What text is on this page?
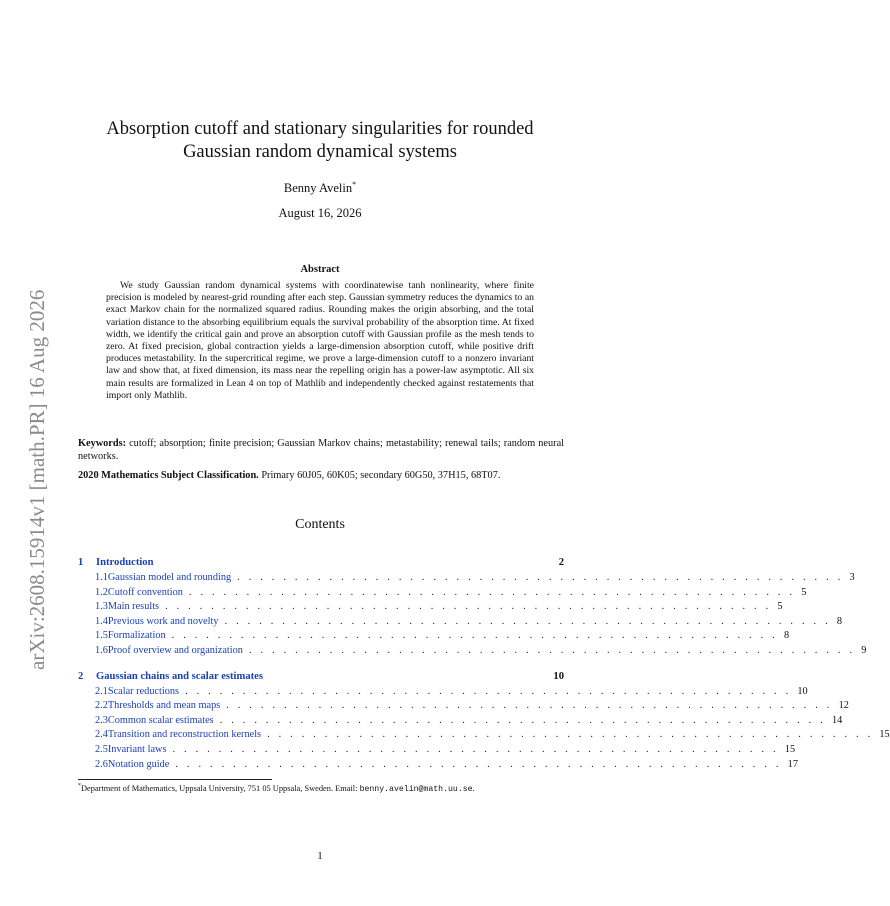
arXiv:2608.15914v1 [math.PR] 16 Aug 2026
Absorption cutoff and stationary singularities for rounded
Gaussian random dynamical systems
Benny Avelin*
August 16, 2026
Abstract

We study Gaussian random dynamical systems with coordinatewise tanh nonlinearity, where finite precision is modeled by nearest-grid rounding after each step. Gaussian symmetry reduces the dynamics to an exact Markov chain for the normalized squared radius. Rounding makes the origin absorbing, and the total variation distance to the absorbing equilibrium equals the survival probability of the absorption time. At fixed width, we identify the critical gain and prove an absorption cutoff with Gaussian profile as the mesh tends to zero. At fixed precision, global contraction yields a large-dimension absorption cutoff, while positive drift produces metastability. In the supercritical regime, we prove a large-dimension cutoff to a nonzero invariant law and show that, at fixed dimension, its mass near the repelling origin has a power-law asymptotic. All six main results are formalized in Lean 4 on top of Mathlib and independently checked against restatements that import only Mathlib.

Keywords: cutoff; absorption; finite precision; Gaussian Markov chains; metastability; renewal tails; random neural networks.

2020 Mathematics Subject Classification. Primary 60J05, 60K05; secondary 60G50, 37H15, 68T07.

Contents
1	Introduction	2
1.1 Gaussian model and rounding . . . . . . . . . . . . . . . . . . . . . . . . . . . . . . . . . . . . . . . . . . . . . . . . . . . . . 3
1.2 Cutoff convention . . . . . . . . . . . . . . . . . . . . . . . . . . . . . . . . . . . . . . . . . . . . . . . . . . . . . 5
1.3 Main results . . . . . . . . . . . . . . . . . . . . . . . . . . . . . . . . . . . . . . . . . . . . . . . . . . . . . 5
1.4 Previous work and novelty . . . . . . . . . . . . . . . . . . . . . . . . . . . . . . . . . . . . . . . . . . . . . . . . . . . . . 8
1.5 Formalization . . . . . . . . . . . . . . . . . . . . . . . . . . . . . . . . . . . . . . . . . . . . . . . . . . . . . 8
1.6 Proof overview and organization . . . . . . . . . . . . . . . . . . . . . . . . . . . . . . . . . . . . . . . . . . . . . . . . . . . . . 9
2	Gaussian chains and scalar estimates	10
2.1 Scalar reductions . . . . . . . . . . . . . . . . . . . . . . . . . . . . . . . . . . . . . . . . . . . . . . . . . . . . . 10
2.2 Thresholds and mean maps . . . . . . . . . . . . . . . . . . . . . . . . . . . . . . . . . . . . . . . . . . . . . . . . . . . . . 12
2.3 Common scalar estimates . . . . . . . . . . . . . . . . . . . . . . . . . . . . . . . . . . . . . . . . . . . . . . . . . . . . . 14
2.4 Transition and reconstruction kernels . . . . . . . . . . . . . . . . . . . . . . . . . . . . . . . . . . . . . . . . . . . . . . . . . . . . . 15
2.5 Invariant laws . . . . . . . . . . . . . . . . . . . . . . . . . . . . . . . . . . . . . . . . . . . . . . . . . . . . . 15
2.6 Notation guide . . . . . . . . . . . . . . . . . . . . . . . . . . . . . . . . . . . . . . . . . . . . . . . . . . . . . 17
*Department of Mathematics, Uppsala University, 751 05 Uppsala, Sweden. Email: benny.avelin@math.uu.se.
1
